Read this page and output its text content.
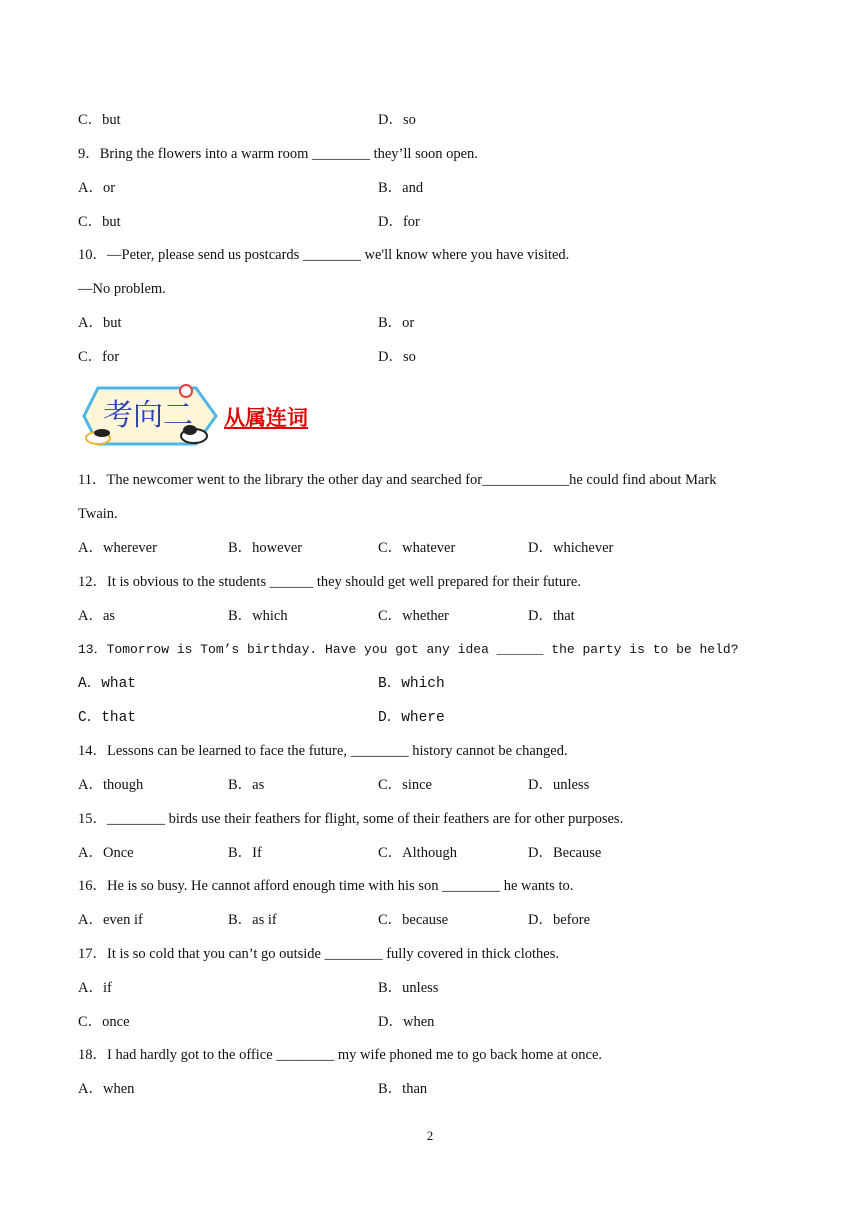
C．but	D．so
9．Bring the flowers into a warm room ________ they’ll soon open.
A．or	B．and
C．but	D．for
10．—Peter, please send us postcards ________ we'll know where you have visited.
—No problem.
A．but	B．or
C．for	D．so
考向二 从属连词
11．The newcomer went to the library the other day and searched for____________he could find about Mark
Twain.
A．wherever	B．however	C．whatever	D．whichever
12．It is obvious to the students ______ they should get well prepared for their future.
A．as	B．which	C．whether	D．that
13．Tomorrow is Tom’s birthday. Have you got any idea ______ the party is to be held?
A．what	B．which
C．that	D．where
14．Lessons can be learned to face the future, ________ history cannot be changed.
A．though	B．as	C．since	D．unless
15．________ birds use their feathers for flight, some of their feathers are for other purposes.
A．Once	B．If	C．Although	D．Because
16．He is so busy. He cannot afford enough time with his son ________ he wants to.
A．even if	B．as if	C．because	D．before
17．It is so cold that you can’t go outside ________ fully covered in thick clothes.
A．if	B．unless
C．once	D．when
18．I had hardly got to the office ________ my wife phoned me to go back home at once.
A．when	B．than
2
